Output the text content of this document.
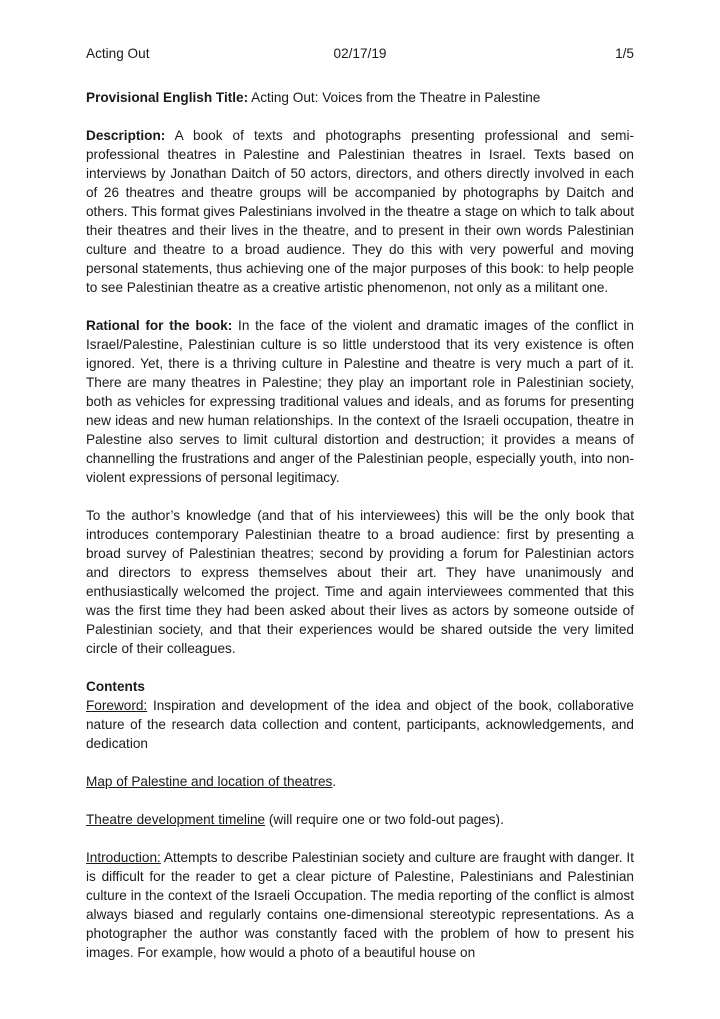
Acting Out	02/17/19	1/5

Provisional English Title: Acting Out: Voices from the Theatre in Palestine

Description: A book of texts and photographs presenting professional and semi-professional theatres in Palestine and Palestinian theatres in Israel. Texts based on interviews by Jonathan Daitch of 50 actors, directors, and others directly involved in each of 26 theatres and theatre groups will be accompanied by photographs by Daitch and others. This format gives Palestinians involved in the theatre a stage on which to talk about their theatres and their lives in the theatre, and to present in their own words Palestinian culture and theatre to a broad audience. They do this with very powerful and moving personal statements, thus achieving one of the major purposes of this book: to help people to see Palestinian theatre as a creative artistic phenomenon, not only as a militant one.

Rational for the book: In the face of the violent and dramatic images of the conflict in Israel/Palestine, Palestinian culture is so little understood that its very existence is often ignored. Yet, there is a thriving culture in Palestine and theatre is very much a part of it. There are many theatres in Palestine; they play an important role in Palestinian society, both as vehicles for expressing traditional values and ideals, and as forums for presenting new ideas and new human relationships. In the context of the Israeli occupation, theatre in Palestine also serves to limit cultural distortion and destruction; it provides a means of channelling the frustrations and anger of the Palestinian people, especially youth, into non-violent expressions of personal legitimacy.

To the author’s knowledge (and that of his interviewees) this will be the only book that introduces contemporary Palestinian theatre to a broad audience: first by presenting a broad survey of Palestinian theatres; second by providing a forum for Palestinian actors and directors to express themselves about their art. They have unanimously and enthusiastically welcomed the project. Time and again interviewees commented that this was the first time they had been asked about their lives as actors by someone outside of Palestinian society, and that their experiences would be shared outside the very limited circle of their colleagues.

Contents
Foreword: Inspiration and development of the idea and object of the book, collaborative nature of the research data collection and content, participants, acknowledgements, and dedication

Map of Palestine and location of theatres.

Theatre development timeline (will require one or two fold-out pages).

Introduction: Attempts to describe Palestinian society and culture are fraught with danger. It is difficult for the reader to get a clear picture of Palestine, Palestinians and Palestinian culture in the context of the Israeli Occupation. The media reporting of the conflict is almost always biased and regularly contains one-dimensional stereotypic representations. As a photographer the author was constantly faced with the problem of how to present his images. For example, how would a photo of a beautiful house on
